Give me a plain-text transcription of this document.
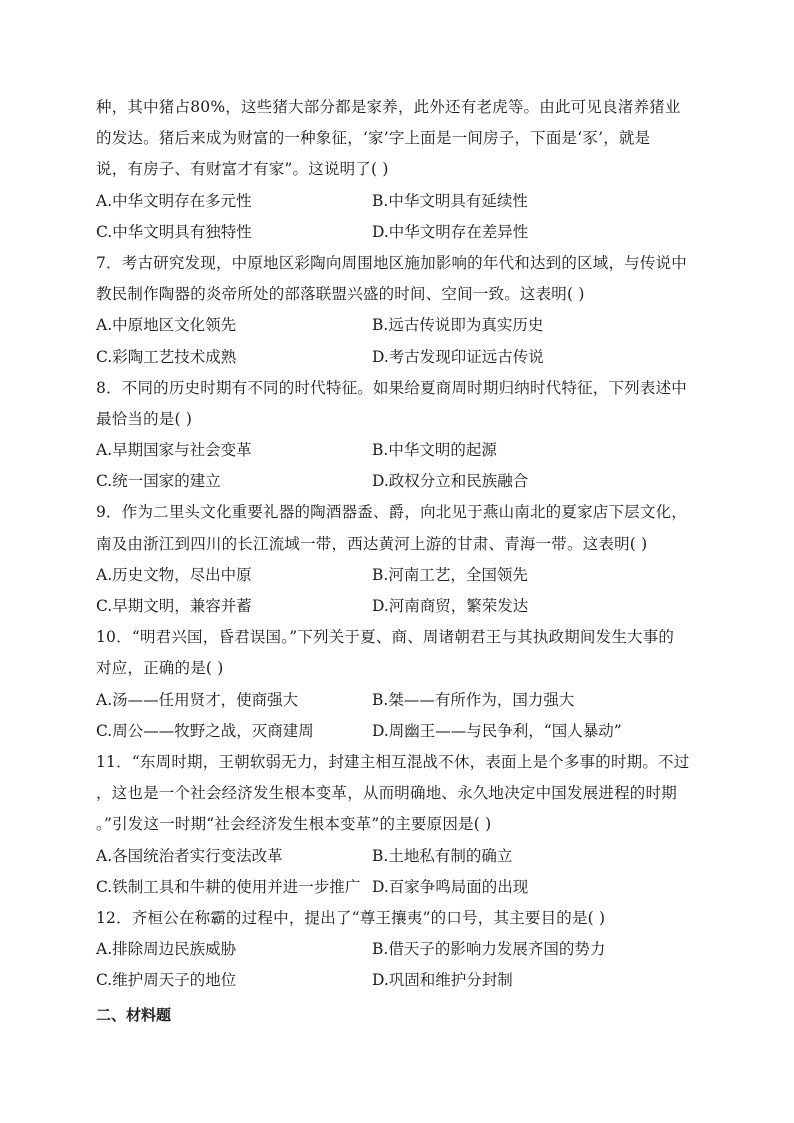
种，其中猪占80%，这些猪大部分都是家养，此外还有老虎等。由此可见良渚养猪业
的发达。猪后来成为财富的一种象征，‘家’字上面是一间房子，下面是‘豕’，就是
说，有房子、有财富才有家”。这说明了( )
A.中华文明存在多元性	B.中华文明具有延续性
C.中华文明具有独特性	D.中华文明存在差异性
7．考古研究发现，中原地区彩陶向周围地区施加影响的年代和达到的区域，与传说中
教民制作陶器的炎帝所处的部落联盟兴盛的时间、空间一致。这表明( )
A.中原地区文化领先	B.远古传说即为真实历史
C.彩陶工艺技术成熟	D.考古发现印证远古传说
8．不同的历史时期有不同的时代特征。如果给夏商周时期归纳时代特征，下列表述中
最恰当的是( )
A.早期国家与社会变革	B.中华文明的起源
C.统一国家的建立	D.政权分立和民族融合
9．作为二里头文化重要礼器的陶酒器盉、爵，向北见于燕山南北的夏家店下层文化，
南及由浙江到四川的长江流域一带，西达黄河上游的甘肃、青海一带。这表明( )
A.历史文物，尽出中原	B.河南工艺，全国领先
C.早期文明，兼容并蓄	D.河南商贸，繁荣发达
10．“明君兴国，昏君误国。”下列关于夏、商、周诸朝君王与其执政期间发生大事的
对应，正确的是( )
A.汤——任用贤才，使商强大	B.桀——有所作为，国力强大
C.周公——牧野之战，灭商建周	D.周幽王——与民争利，“国人暴动”
11．“东周时期，王朝软弱无力，封建主相互混战不休，表面上是个多事的时期。不过
，这也是一个社会经济发生根本变革，从而明确地、永久地决定中国发展进程的时期
。”引发这一时期“社会经济发生根本变革”的主要原因是( )
A.各国统治者实行变法改革	B.土地私有制的确立
C.铁制工具和牛耕的使用并进一步推广 D.百家争鸣局面的出现
12．齐桓公在称霸的过程中，提出了“尊王攘夷”的口号，其主要目的是( )
A.排除周边民族威胁	B.借天子的影响力发展齐国的势力
C.维护周天子的地位	D.巩固和维护分封制
二、材料题
